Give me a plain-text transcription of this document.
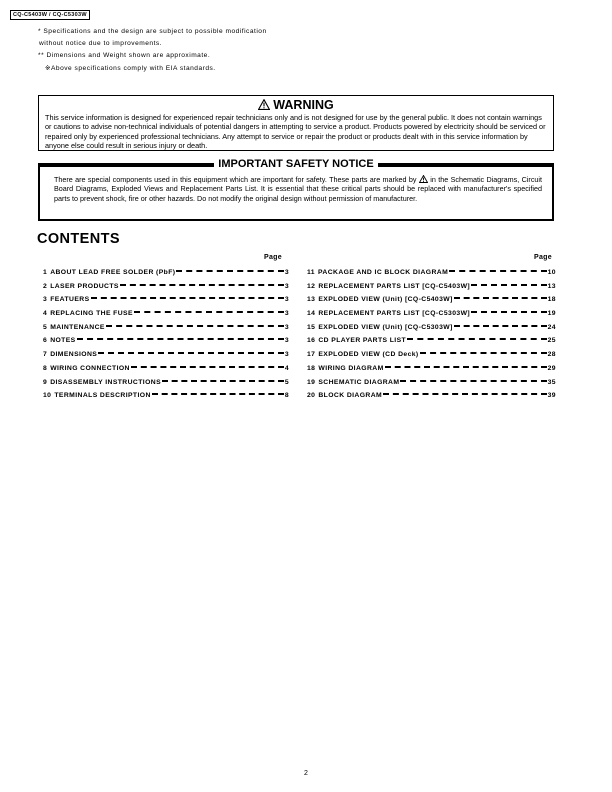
CQ-C5403W / CQ-C5303W
* Specifications and the design are subject to possible modification
without notice due to improvements.
** Dimensions and Weight shown are approximate.
※Above specifications comply with EIA standards.
WARNING
This service information is designed for experienced repair technicians only and is not designed for use by the general public. It does not contain warnings or cautions to advise non-technical individuals of potential dangers in attempting to service a product. Products powered by electricity should be serviced or repaired only by experienced professional technicians. Any attempt to service or repair the product or products dealt with in this service information by anyone else could result in serious injury or death.
IMPORTANT SAFETY NOTICE
There are special components used in this equipment which are important for safety. These parts are marked by in the Schematic Diagrams, Circuit Board Diagrams, Exploded Views and Replacement Parts List. It is essential that these critical parts should be replaced with manufacturer's specified parts to prevent shock, fire or other hazards. Do not modify the original design without permission of manufacturer.
CONTENTS
Page	Page
1 ABOUT LEAD FREE SOLDER (PbF)	3
2 LASER PRODUCTS	3
3 FEATUERS	3
4 REPLACING THE FUSE	3
5 MAINTENANCE	3
6 NOTES	3
7 DIMENSIONS	3
8 WIRING CONNECTION	4
9 DISASSEMBLY INSTRUCTIONS	5
10 TERMINALS DESCRIPTION	8
11 PACKAGE AND IC BLOCK DIAGRAM	10
12 REPLACEMENT PARTS LIST [CQ-C5403W]	13
13 EXPLODED VIEW (Unit) [CQ-C5403W]	18
14 REPLACEMENT PARTS LIST [CQ-C5303W]	19
15 EXPLODED VIEW (Unit) [CQ-C5303W]	24
16 CD PLAYER PARTS LIST	25
17 EXPLODED VIEW (CD Deck)	28
18 WIRING DIAGRAM	29
19 SCHEMATIC DIAGRAM	35
20 BLOCK DIAGRAM	39
2
